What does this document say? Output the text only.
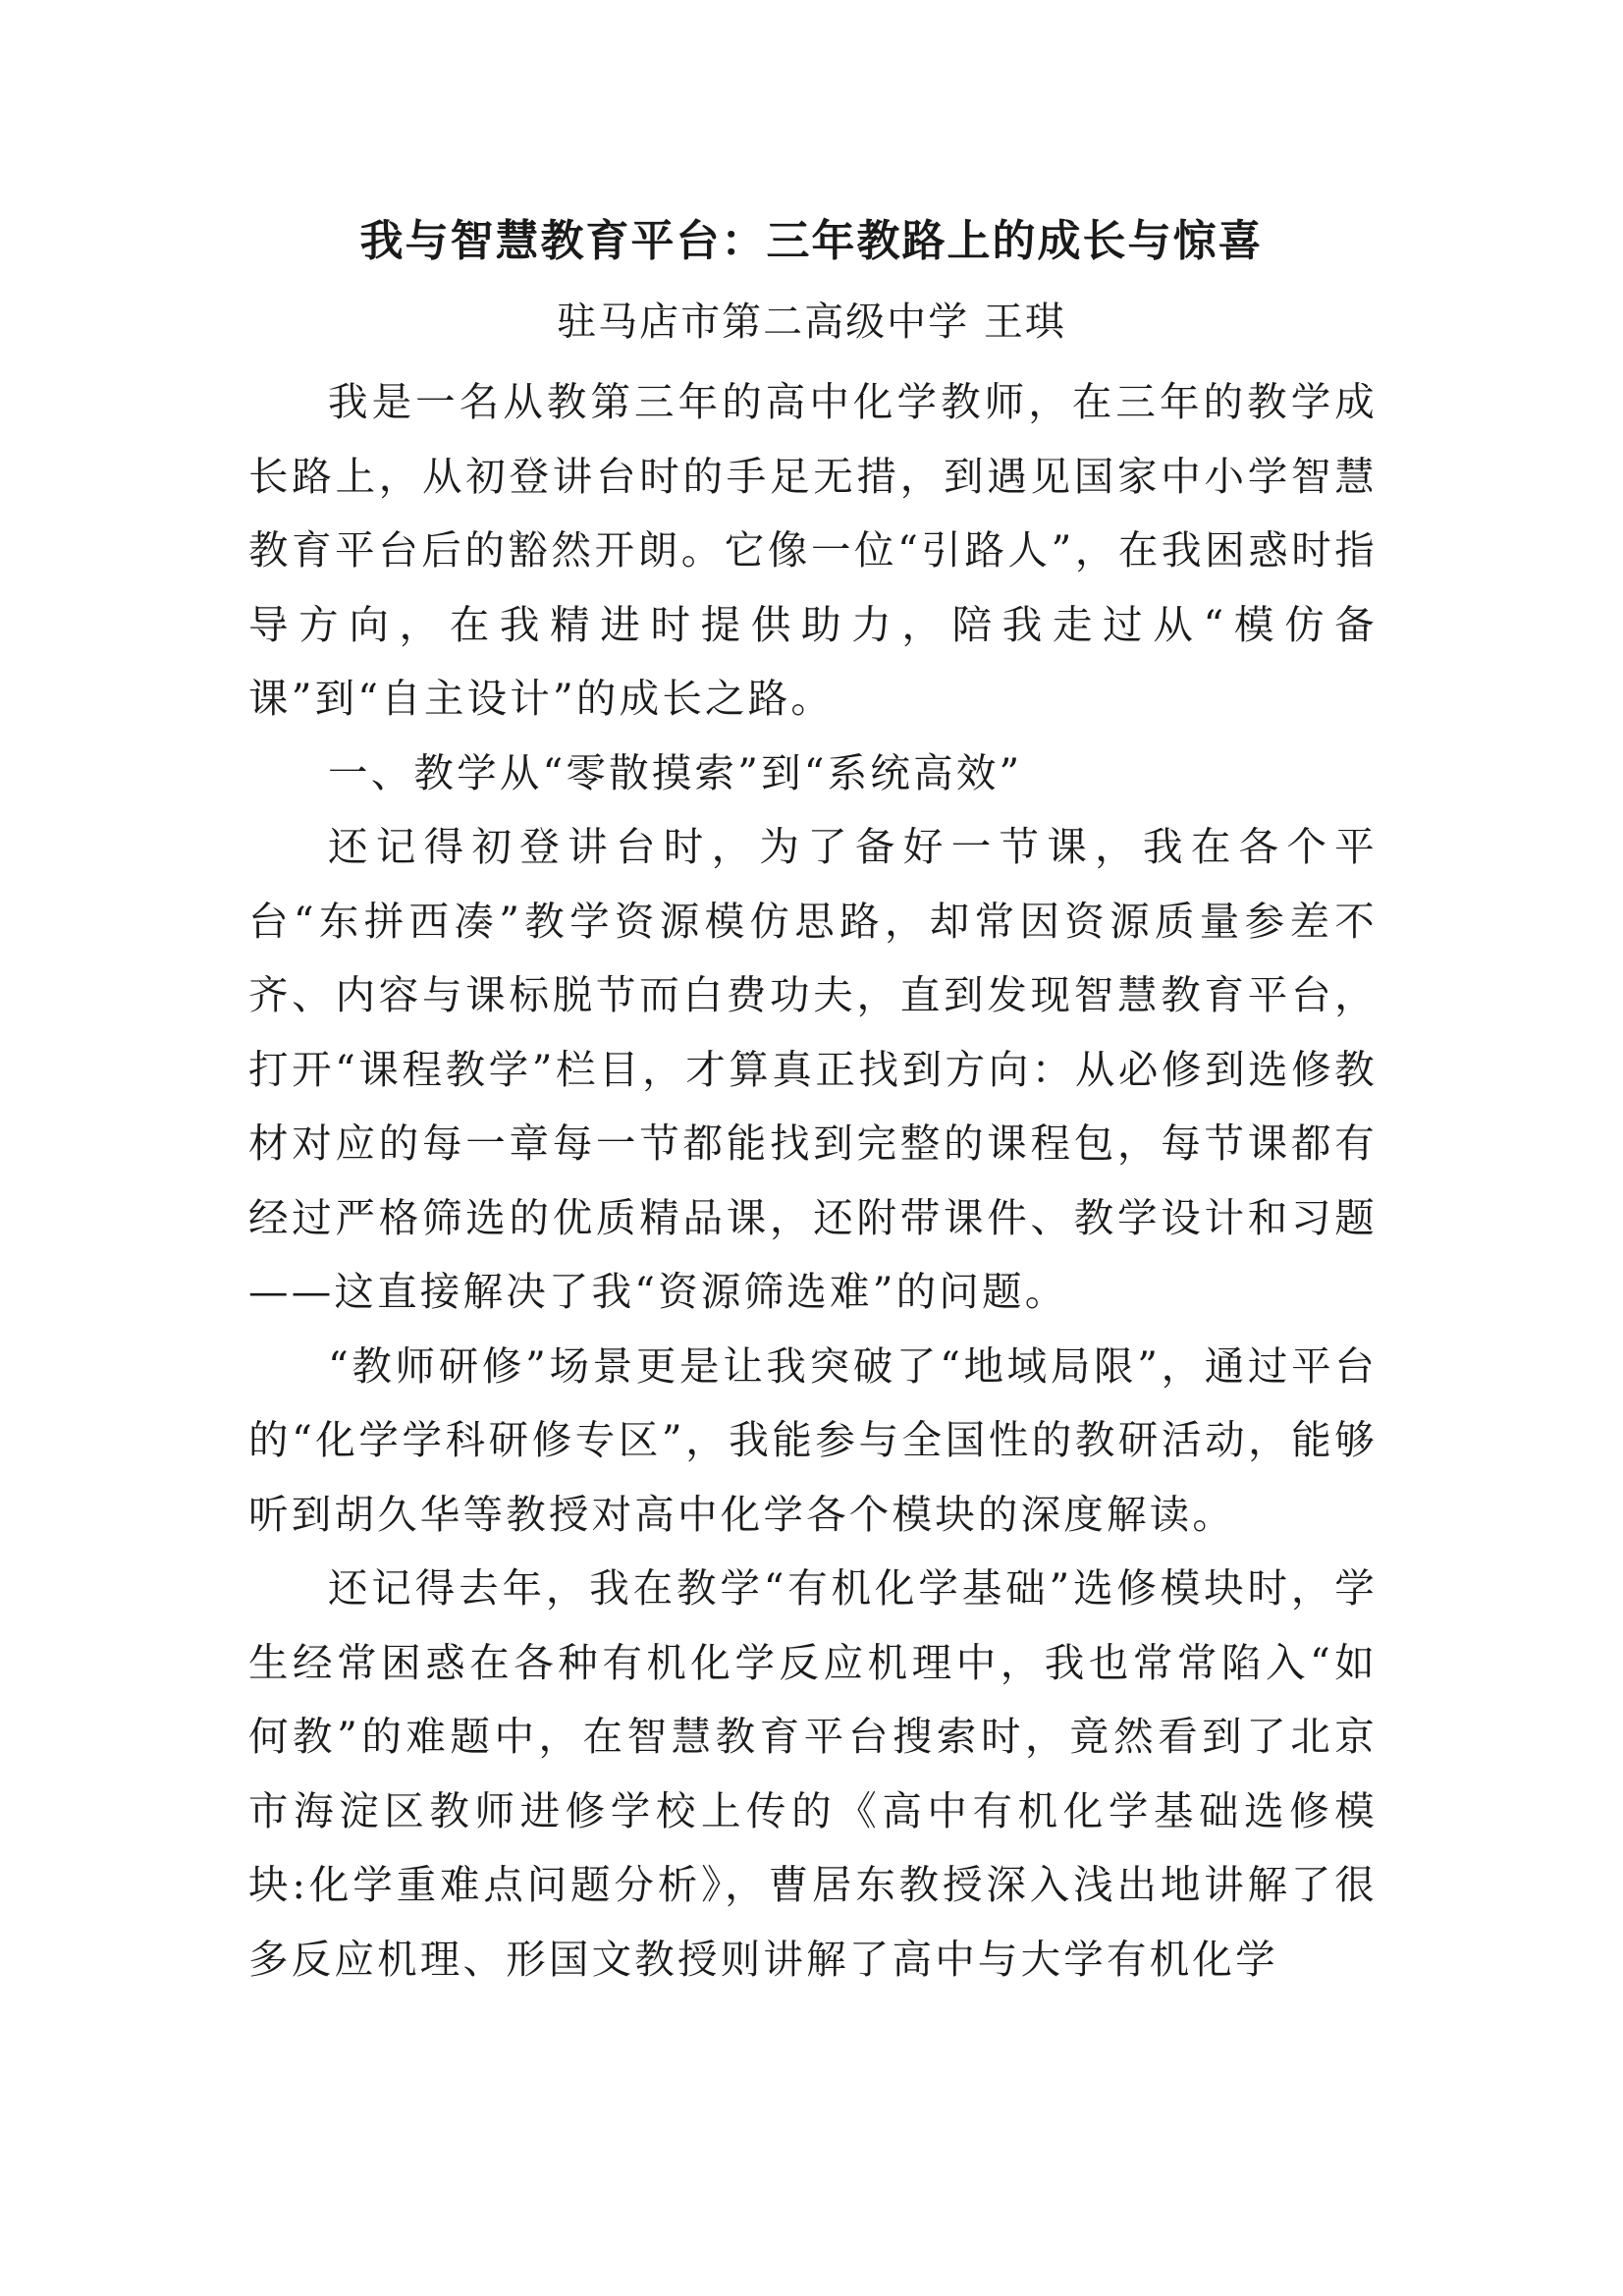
我与智慧教育平台：三年教路上的成长与惊喜
驻马店市第二高级中学 王琪

我是一名从教第三年的高中化学教师，在三年的教学成长路上，从初登讲台时的手足无措，到遇见国家中小学智慧教育平台后的豁然开朗。它像一位“引路人”，在我困惑时指导方向，在我精进时提供助力，陪我走过从“模仿备课”到“自主设计”的成长之路。

一、教学从“零散摸索”到“系统高效”

还记得初登讲台时，为了备好一节课，我在各个平台“东拼西凑”教学资源模仿思路，却常因资源质量参差不齐、内容与课标脱节而白费功夫，直到发现智慧教育平台，打开“课程教学”栏目，才算真正找到方向：从必修到选修教材对应的每一章每一节都能找到完整的课程包，每节课都有经过严格筛选的优质精品课，还附带课件、教学设计和习题——这直接解决了我“资源筛选难”的问题。

“教师研修”场景更是让我突破了“地域局限”，通过平台的“化学学科研修专区”，我能参与全国性的教研活动，能够听到胡久华等教授对高中化学各个模块的深度解读。

还记得去年，我在教学“有机化学基础”选修模块时，学生经常困惑在各种有机化学反应机理中，我也常常陷入“如何教”的难题中，在智慧教育平台搜索时，竟然看到了北京市海淀区教师进修学校上传的《高中有机化学基础选修模块:化学重难点问题分析》，曹居东教授深入浅出地讲解了很多反应机理、形国文教授则讲解了高中与大学有机化学
